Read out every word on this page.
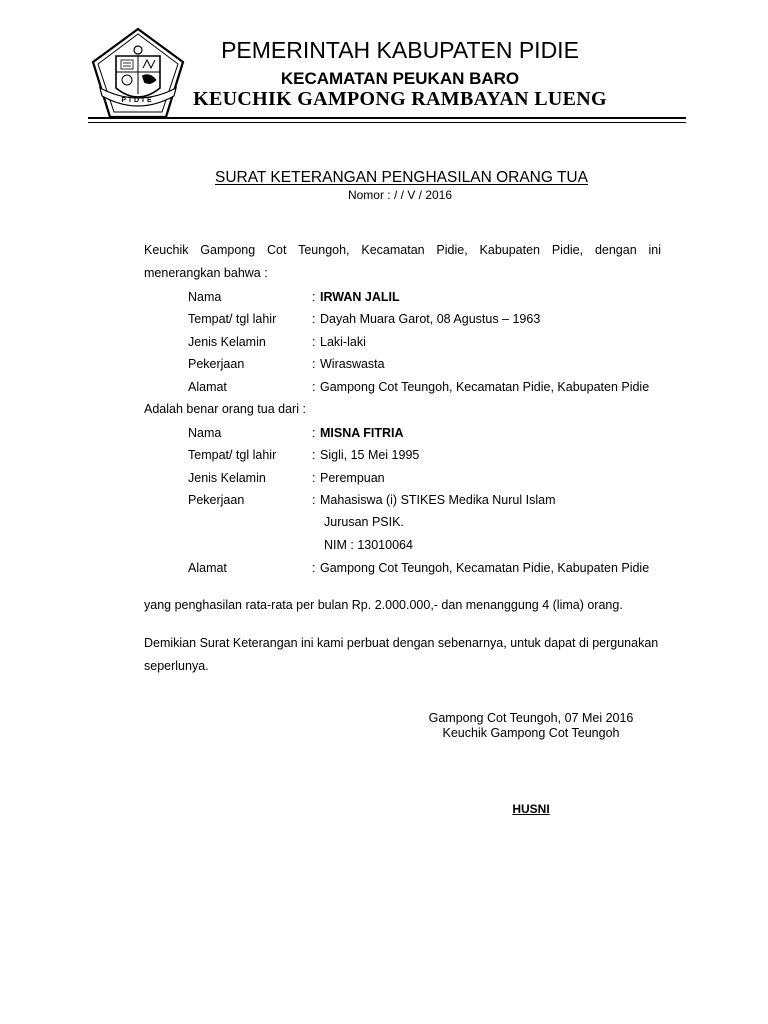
PIDIE
PEMERINTAH KABUPATEN PIDIE
KECAMATAN PEUKAN BARO
KEUCHIK GAMPONG RAMBAYAN LUENG
SURAT KETERANGAN PENGHASILAN ORANG TUA
Nomor : / / V / 2016
Keuchik Gampong Cot Teungoh, Kecamatan Pidie, Kabupaten Pidie, dengan ini
menerangkan bahwa :
Nama	: IRWAN JALIL
Tempat/ tgl lahir	: Dayah Muara Garot, 08 Agustus – 1963
Jenis Kelamin	: Laki-laki
Pekerjaan	: Wiraswasta
Alamat	: Gampong Cot Teungoh, Kecamatan Pidie, Kabupaten Pidie
Adalah benar orang tua dari :
Nama	: MISNA FITRIA
Tempat/ tgl lahir	: Sigli, 15 Mei 1995
Jenis Kelamin	: Perempuan
Pekerjaan	: Mahasiswa (i) STIKES Medika Nurul Islam
Jurusan PSIK.
NIM : 13010064
Alamat	: Gampong Cot Teungoh, Kecamatan Pidie, Kabupaten Pidie
yang penghasilan rata-rata per bulan Rp. 2.000.000,- dan menanggung 4 (lima) orang.
Demikian Surat Keterangan ini kami perbuat dengan sebenarnya, untuk dapat di pergunakan
seperlunya.
Gampong Cot Teungoh, 07 Mei 2016
Keuchik Gampong Cot Teungoh
HUSNI
